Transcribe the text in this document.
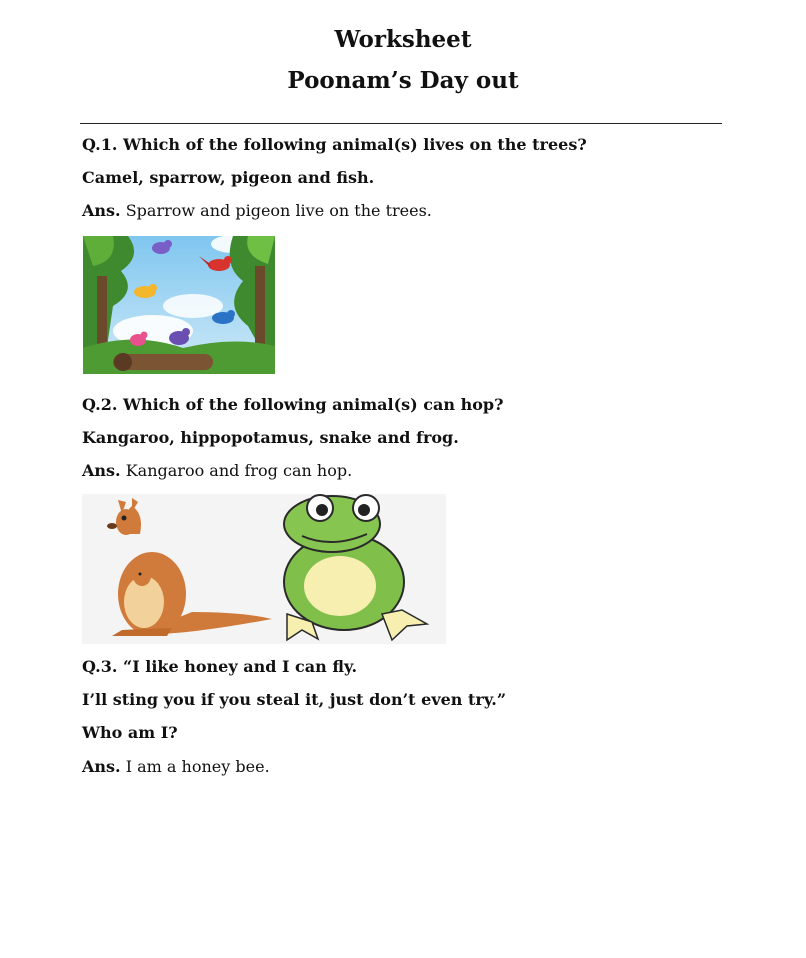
Worksheet
Poonam’s Day out
Q.1. Which of the following animal(s) lives on the trees?
Camel, sparrow, pigeon and fish.
Ans. Sparrow and pigeon live on the trees.
Q.2. Which of the following animal(s) can hop?
Kangaroo, hippopotamus, snake and frog.
Ans. Kangaroo and frog can hop.
Q.3. “I like honey and I can fly.
I’ll sting you if you steal it, just don’t even try.”
Who am I?
Ans. I am a honey bee.
